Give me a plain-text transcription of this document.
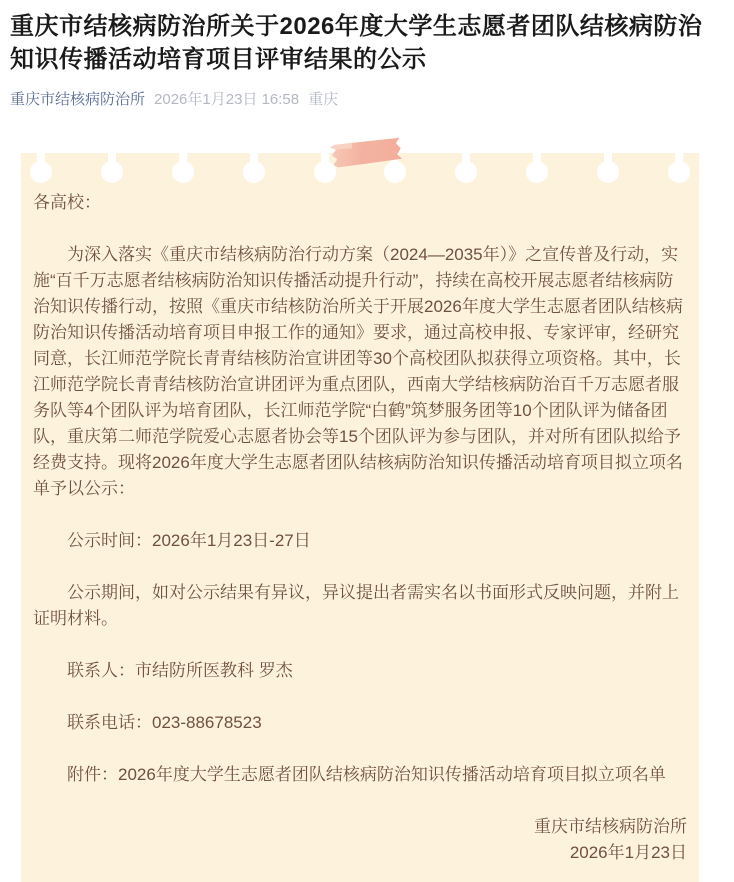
重庆市结核病防治所关于2026年度大学生志愿者团队结核病防治知识传播活动培育项目评审结果的公示
重庆市结核病防治所 2026年1月23日 16:58 重庆

各高校：

为深入落实《重庆市结核病防治行动方案（2024—2035年）》之宣传普及行动，实施“百千万志愿者结核病防治知识传播活动提升行动”，持续在高校开展志愿者结核病防治知识传播行动，按照《重庆市结核防治所关于开展2026年度大学生志愿者团队结核病防治知识传播活动培育项目申报工作的通知》要求，通过高校申报、专家评审，经研究同意，长江师范学院长青青结核防治宣讲团等30个高校团队拟获得立项资格。其中，长江师范学院长青青结核防治宣讲团评为重点团队，西南大学结核病防治百千万志愿者服务队等4个团队评为培育团队，长江师范学院“白鹤”筑梦服务团等10个团队评为储备团队，重庆第二师范学院爱心志愿者协会等15个团队评为参与团队，并对所有团队拟给予经费支持。现将2026年度大学生志愿者团队结核病防治知识传播活动培育项目拟立项名单予以公示：

公示时间：2026年1月23日-27日

公示期间，如对公示结果有异议，异议提出者需实名以书面形式反映问题，并附上证明材料。

联系人：市结防所医教科 罗杰

联系电话：023-88678523

附件：2026年度大学生志愿者团队结核病防治知识传播活动培育项目拟立项名单

重庆市结核病防治所

2026年1月23日
